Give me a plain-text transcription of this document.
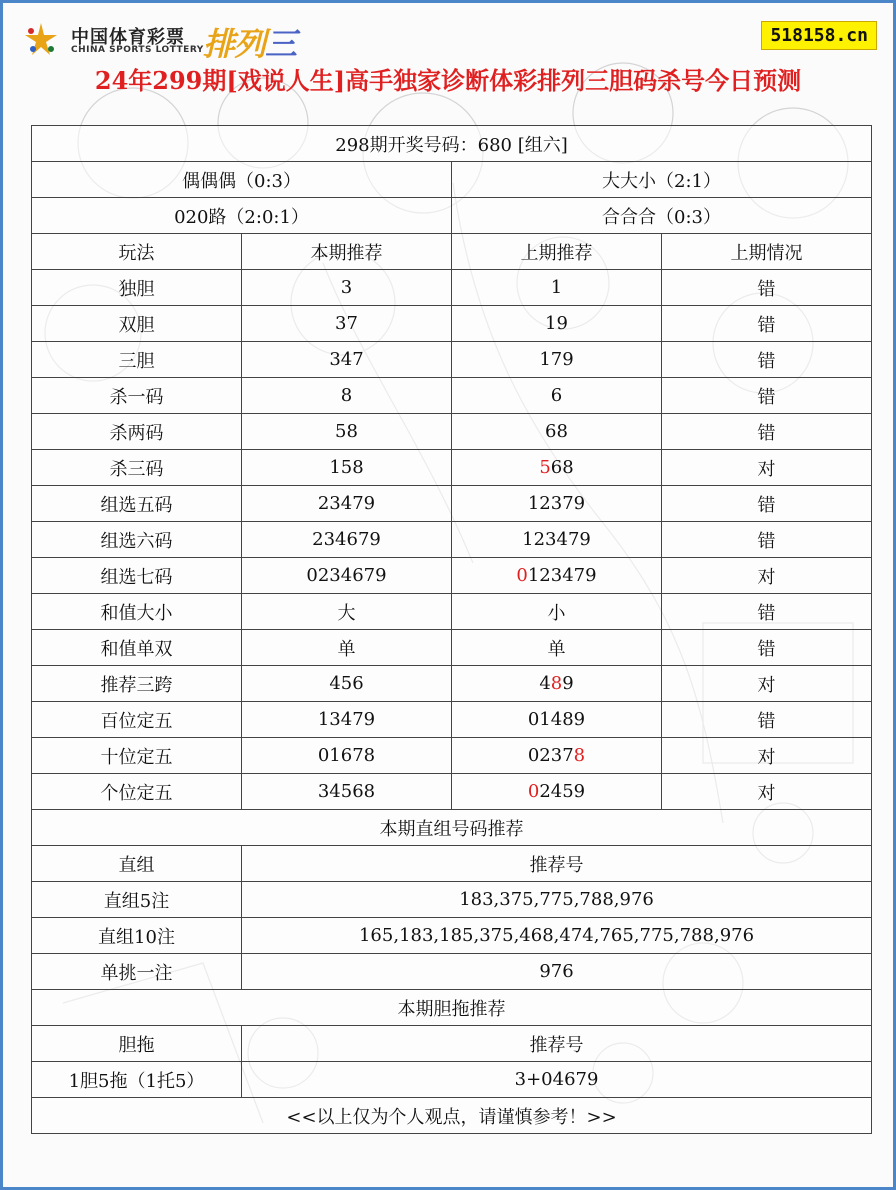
中国体育彩票
CHINA SPORTS LOTTERY 排列三	518158.cn
24年299期[戏说人生]高手独家诊断体彩排列三胆码杀号今日预测
298期开奖号码：680 [组六]			
偶偶偶（0:3）		大大小（2:1）	
020路（2:0:1）		合合合（0:3）	
玩法	本期推荐	上期推荐	上期情况
独胆	3	1	错
双胆	37	19	错
三胆	347	179	错
杀一码	8	6	错
杀两码	58	68	错
杀三码	158	568	对
组选五码	23479	12379	错
组选六码	234679	123479	错
组选七码	0234679	0123479	对
和值大小	大	小	错
和值单双	单	单	错
推荐三跨	456	489	对
百位定五	13479	01489	错
十位定五	01678	02378	对
个位定五	34568	02459	对
本期直组号码推荐			
直组	推荐号		
直组5注	183,375,775,788,976		
直组10注	165,183,185,375,468,474,765,775,788,976		
单挑一注	976		
本期胆拖推荐			
胆拖	推荐号		
1胆5拖（1托5）	3+04679		
<<以上仅为个人观点，请谨慎参考！>>			
